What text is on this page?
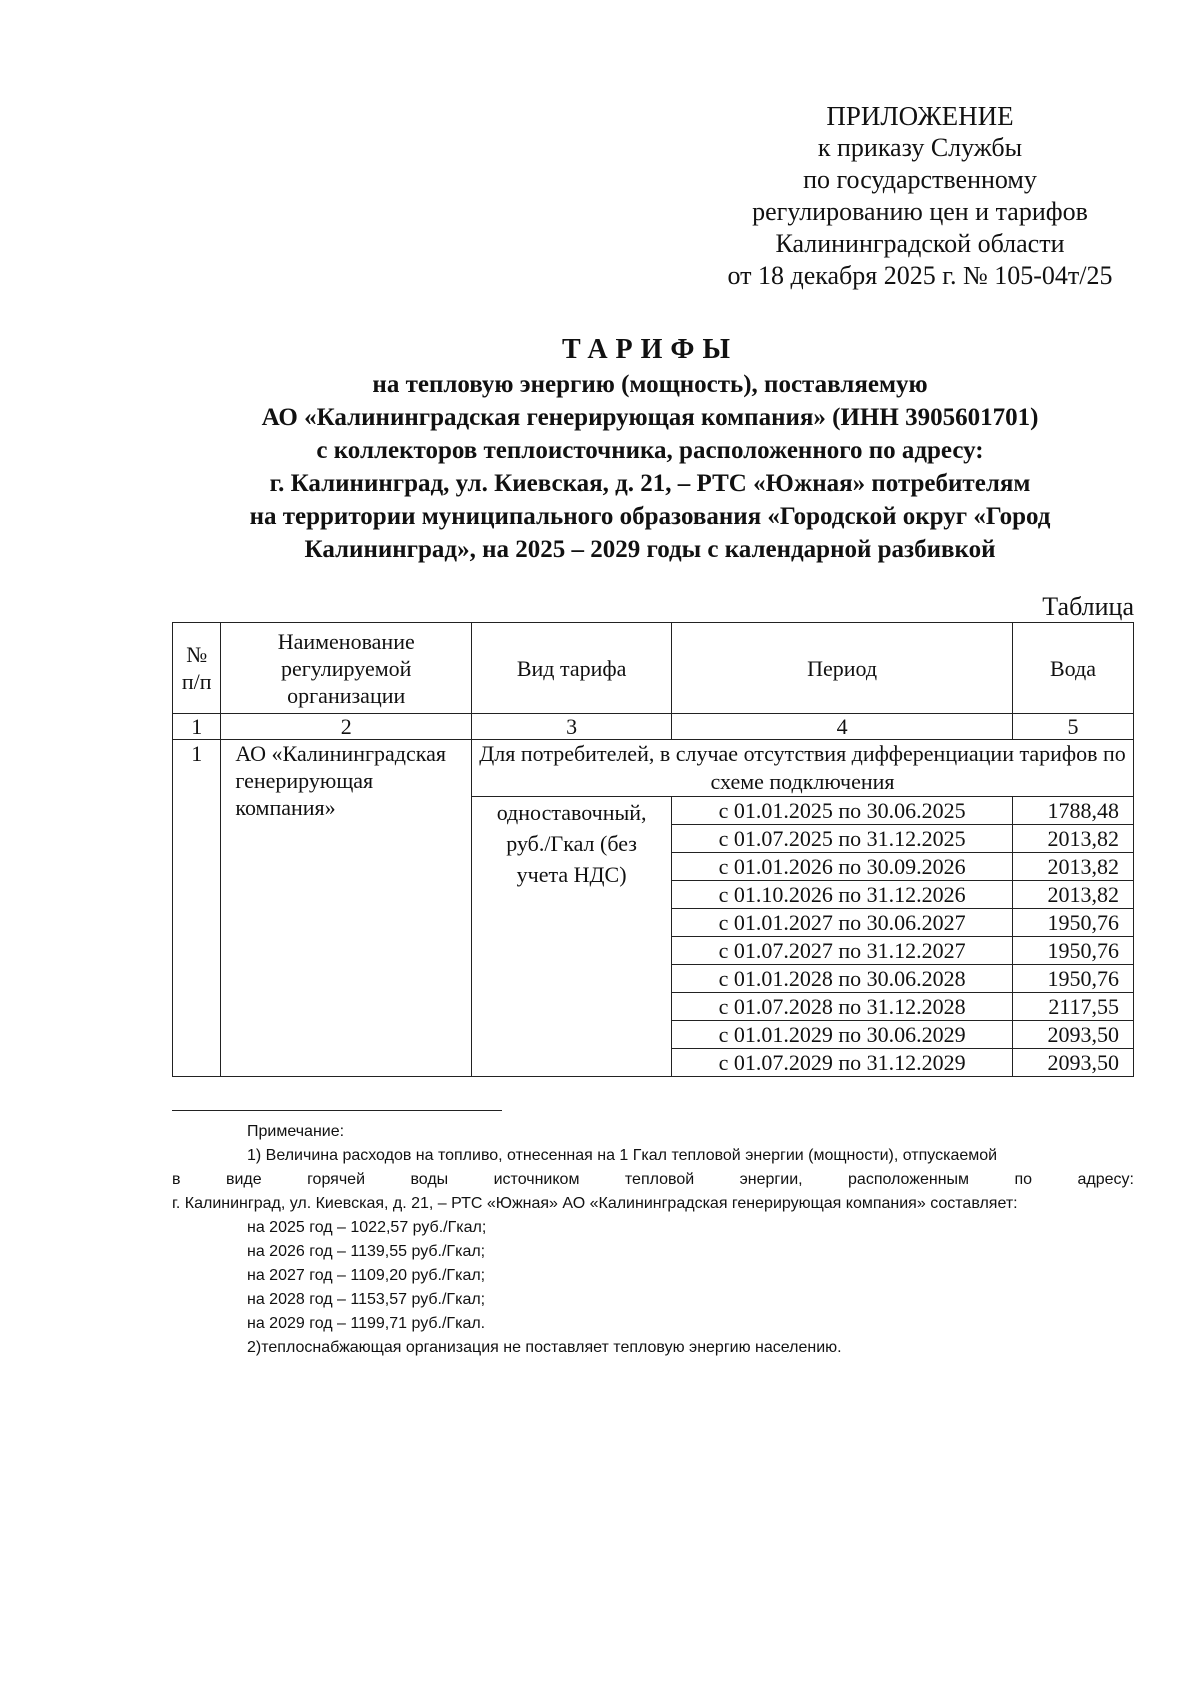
ПРИЛОЖЕНИЕ
к приказу Службы
по государственному
регулированию цен и тарифов
Калининградской области
от 18 декабря 2025 г. № 105-04т/25
ТАРИФЫ
на тепловую энергию (мощность), поставляемую
АО «Калининградская генерирующая компания» (ИНН 3905601701)
с коллекторов теплоисточника, расположенного по адресу:
г. Калининград, ул. Киевская, д. 21, – РТС «Южная» потребителям
на территории муниципального образования «Городской округ «Город
Калининград», на 2025 – 2029 годы с календарной разбивкой
Таблица
№ п/п	Наименование регулируемой организации	Вид тарифа	Период	Вода
1	2	3	4	5
1	АО «Калининградская генерирующая компания»	Для потребителей, в случае отсутствия дифференциации тарифов по схеме подключения		
		одноставочный, руб./Гкал (без учета НДС)	с 01.01.2025 по 30.06.2025	1788,48
			с 01.07.2025 по 31.12.2025	2013,82
			с 01.01.2026 по 30.09.2026	2013,82
			с 01.10.2026 по 31.12.2026	2013,82
			с 01.01.2027 по 30.06.2027	1950,76
			с 01.07.2027 по 31.12.2027	1950,76
			с 01.01.2028 по 30.06.2028	1950,76
			с 01.07.2028 по 31.12.2028	2117,55
			с 01.01.2029 по 30.06.2029	2093,50
			с 01.07.2029 по 31.12.2029	2093,50
Примечание:
1) Величина расходов на топливо, отнесенная на 1 Гкал тепловой энергии (мощности), отпускаемой
в виде горячей воды источником тепловой энергии, расположенным по адресу:
г. Калининград, ул. Киевская, д. 21, – РТС «Южная» АО «Калининградская генерирующая компания» составляет:
на 2025 год – 1022,57 руб./Гкал;
на 2026 год – 1139,55 руб./Гкал;
на 2027 год – 1109,20 руб./Гкал;
на 2028 год – 1153,57 руб./Гкал;
на 2029 год – 1199,71 руб./Гкал.
2)теплоснабжающая организация не поставляет тепловую энергию населению.
